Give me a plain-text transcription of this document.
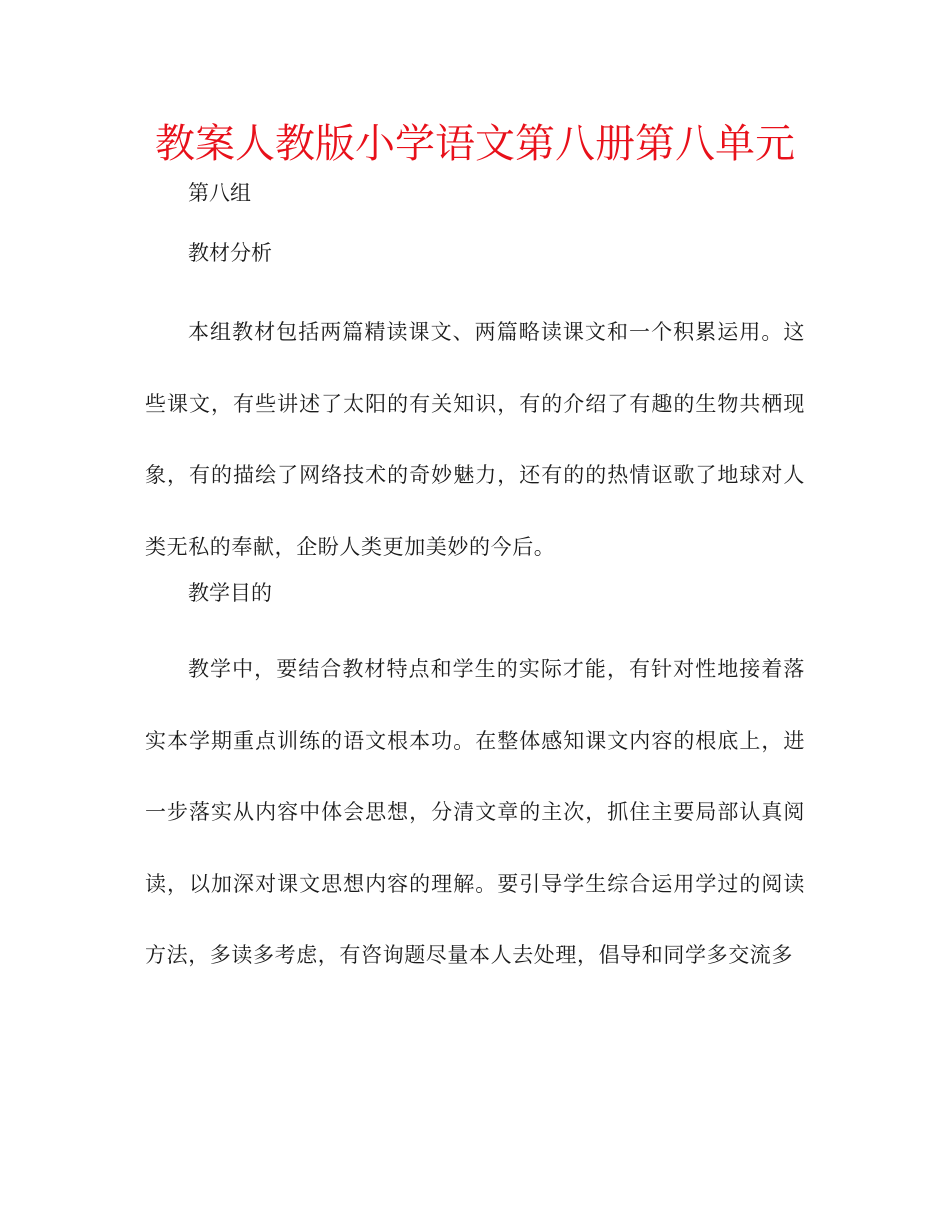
教案人教版小学语文第八册第八单元

第八组

教材分析

本组教材包括两篇精读课文、两篇略读课文和一个积累运用。这些课文，有些讲述了太阳的有关知识，有的介绍了有趣的生物共栖现象，有的描绘了网络技术的奇妙魅力，还有的的热情讴歌了地球对人类无私的奉献，企盼人类更加美妙的今后。

教学目的

教学中，要结合教材特点和学生的实际才能，有针对性地接着落实本学期重点训练的语文根本功。在整体感知课文内容的根底上，进一步落实从内容中体会思想，分清文章的主次，抓住主要局部认真阅读，以加深对课文思想内容的理解。要引导学生综合运用学过的阅读方法，多读多考虑，有咨询题尽量本人去处理，倡导和同学多交流多
